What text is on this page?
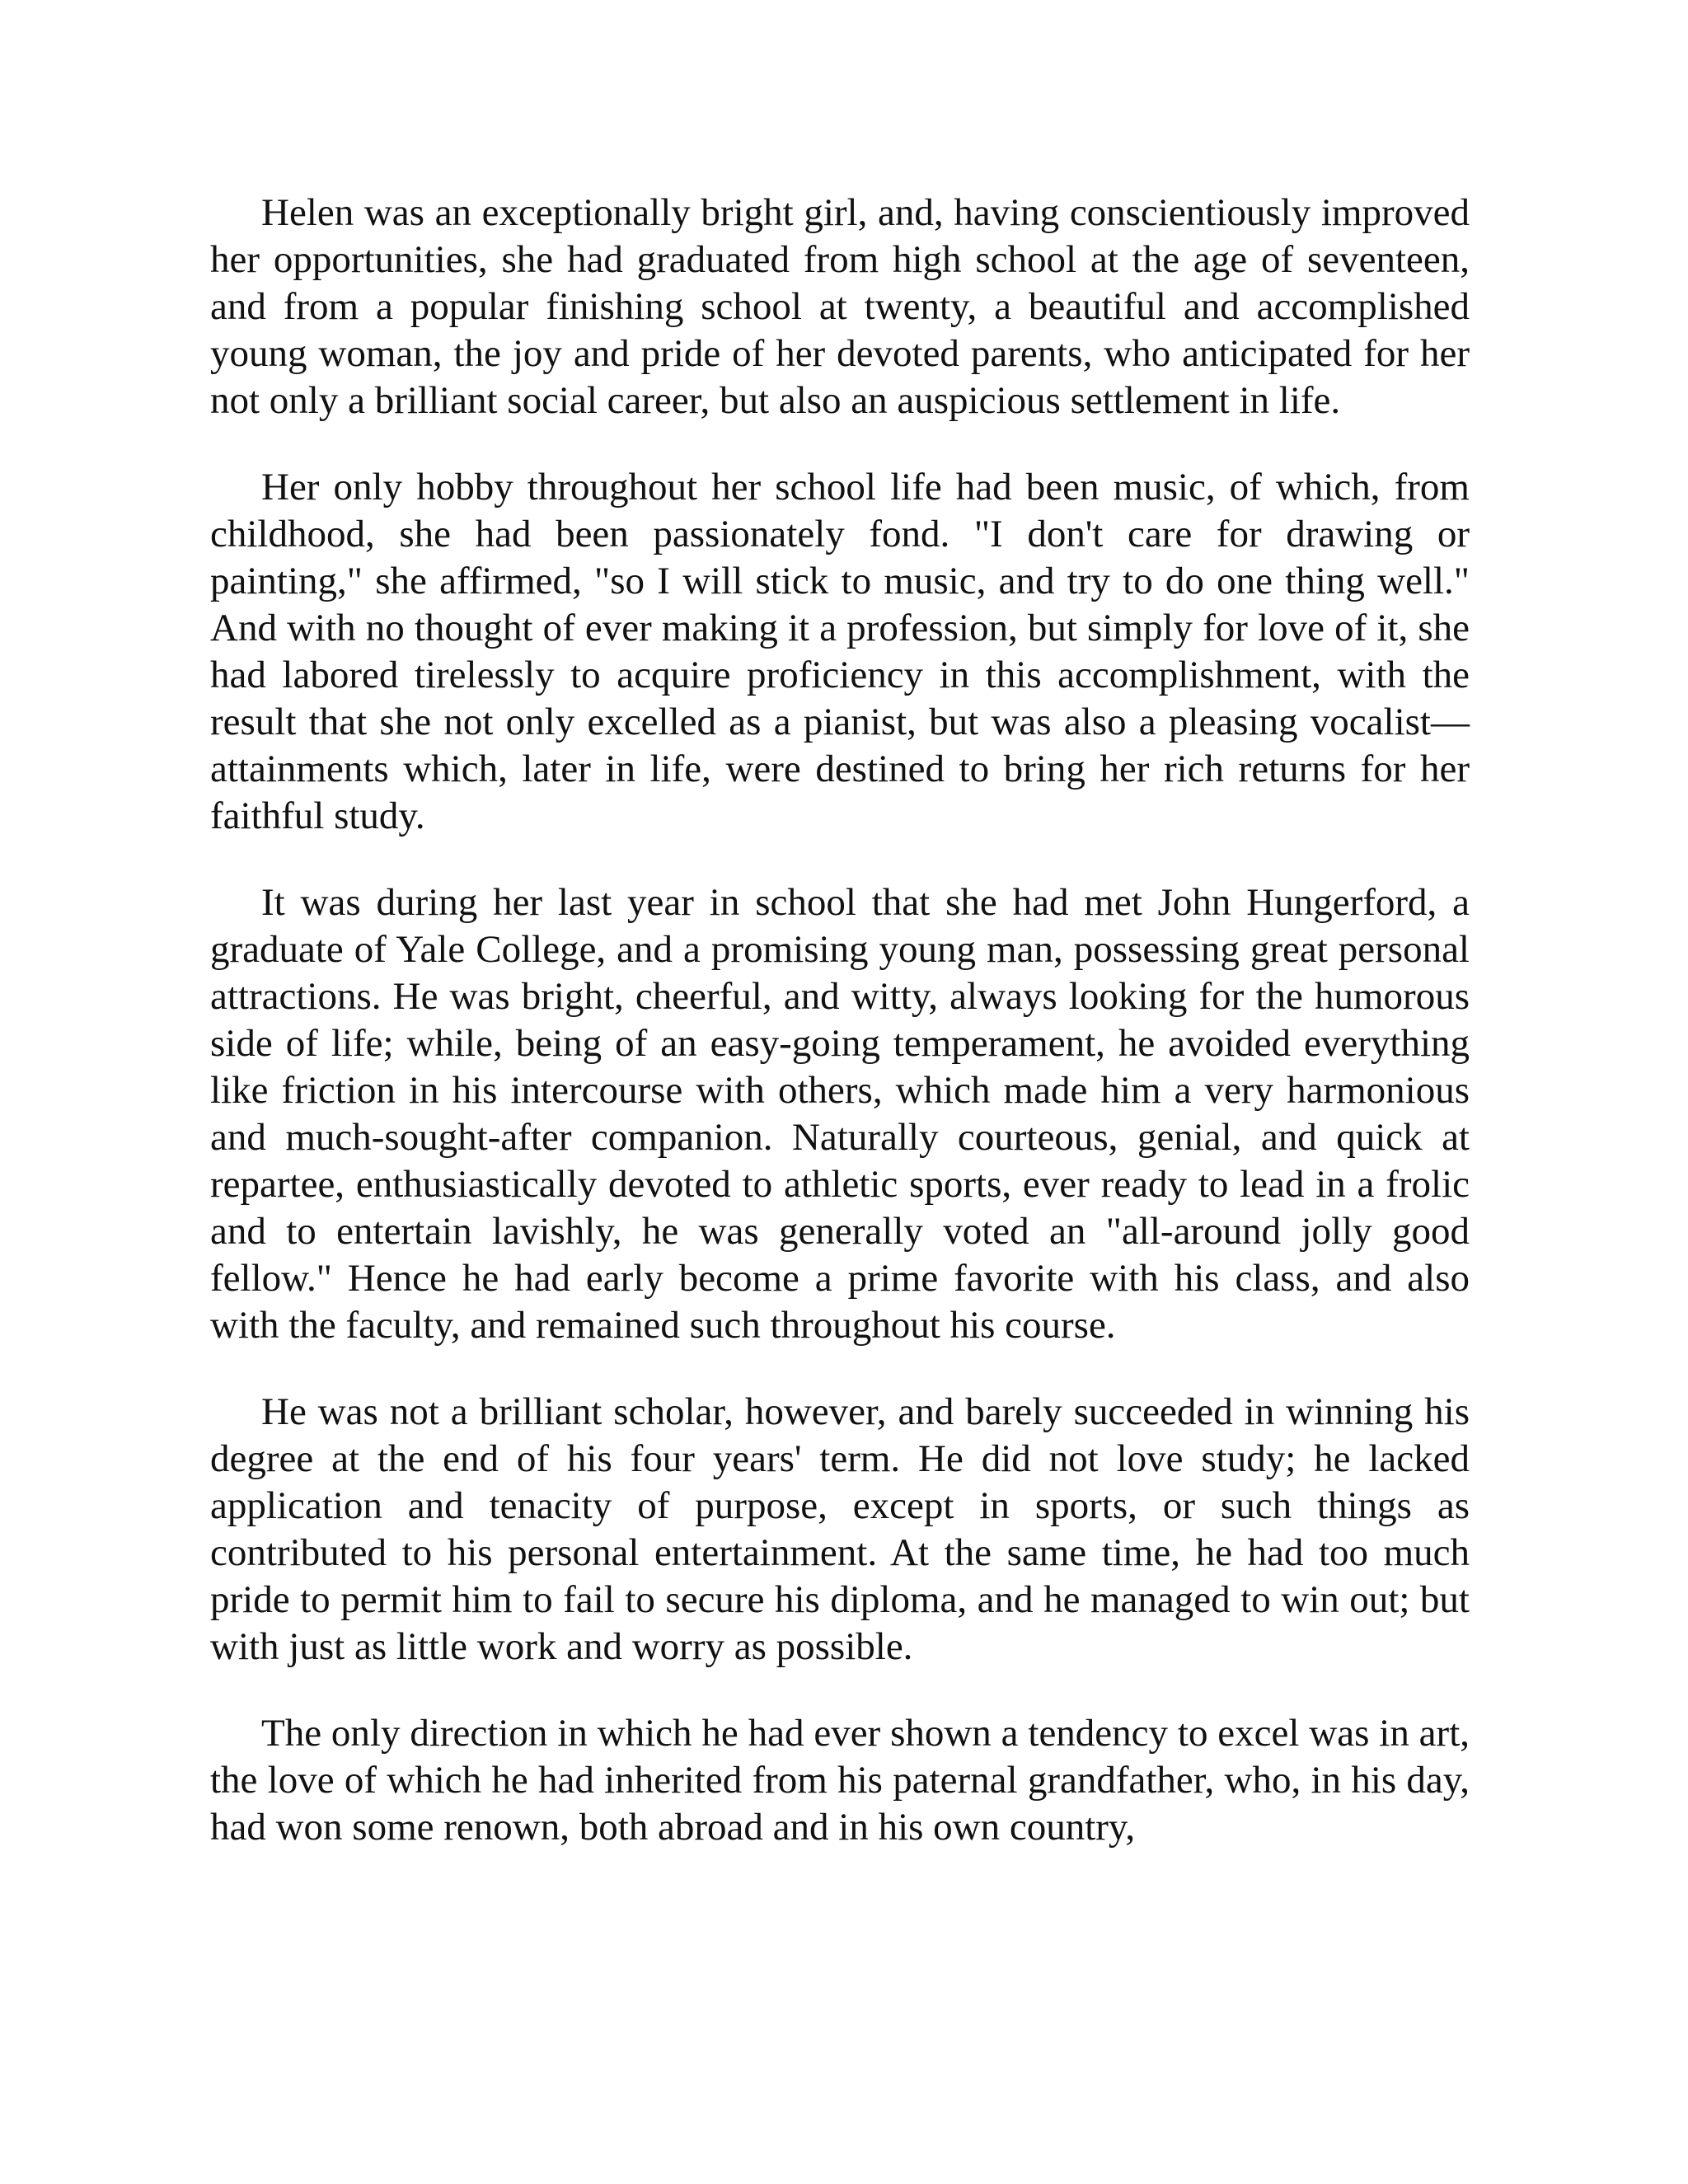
Helen was an exceptionally bright girl, and, having conscientiously improved her opportunities, she had graduated from high school at the age of seventeen, and from a popular finishing school at twenty, a beautiful and accomplished young woman, the joy and pride of her devoted parents, who anticipated for her not only a brilliant social career, but also an auspicious settlement in life.

Her only hobby throughout her school life had been music, of which, from childhood, she had been passionately fond. "I don't care for drawing or painting," she affirmed, "so I will stick to music, and try to do one thing well." And with no thought of ever making it a profession, but simply for love of it, she had labored tirelessly to acquire proficiency in this accomplishment, with the result that she not only excelled as a pianist, but was also a pleasing vocalist—attainments which, later in life, were destined to bring her rich returns for her faithful study.

It was during her last year in school that she had met John Hungerford, a graduate of Yale College, and a promising young man, possessing great personal attractions. He was bright, cheerful, and witty, always looking for the humorous side of life; while, being of an easy-going temperament, he avoided everything like friction in his intercourse with others, which made him a very harmonious and much-sought-after companion. Naturally courteous, genial, and quick at repartee, enthusiastically devoted to athletic sports, ever ready to lead in a frolic and to entertain lavishly, he was generally voted an "all-around jolly good fellow." Hence he had early become a prime favorite with his class, and also with the faculty, and remained such throughout his course.

He was not a brilliant scholar, however, and barely succeeded in winning his degree at the end of his four years' term. He did not love study; he lacked application and tenacity of purpose, except in sports, or such things as contributed to his personal entertainment. At the same time, he had too much pride to permit him to fail to secure his diploma, and he managed to win out; but with just as little work and worry as possible.

The only direction in which he had ever shown a tendency to excel was in art, the love of which he had inherited from his paternal grandfather, who, in his day, had won some renown, both abroad and in his own country,
